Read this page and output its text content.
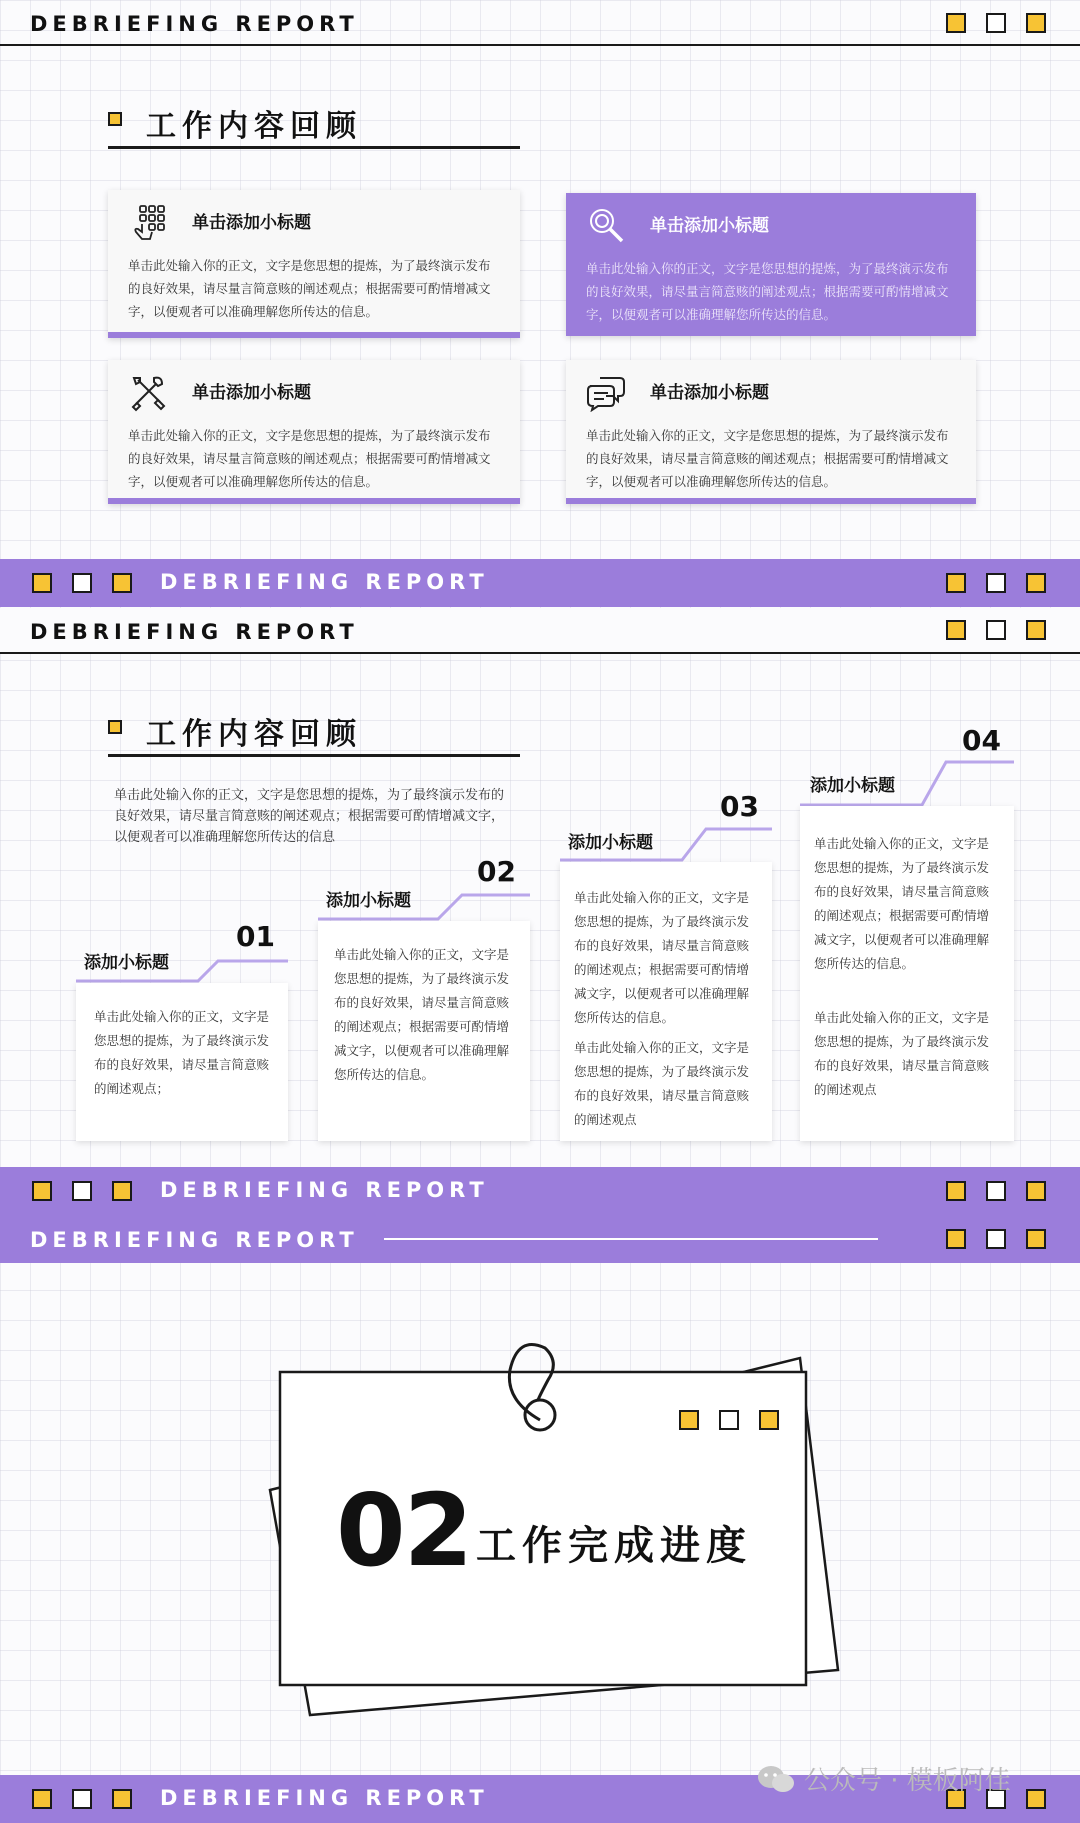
DEBRIEFING REPORT
工作内容回顾
单击添加小标题
单击此处输入你的正文，文字是您思想的提炼，为了最终演示发布的良好效果，请尽量言简意赅的阐述观点；根据需要可酌情增减文字，以便观者可以准确理解您所传达的信息。
单击添加小标题
单击此处输入你的正文，文字是您思想的提炼，为了最终演示发布的良好效果，请尽量言简意赅的阐述观点；根据需要可酌情增减文字，以便观者可以准确理解您所传达的信息。
单击添加小标题
单击此处输入你的正文，文字是您思想的提炼，为了最终演示发布的良好效果，请尽量言简意赅的阐述观点；根据需要可酌情增减文字，以便观者可以准确理解您所传达的信息。
单击添加小标题
单击此处输入你的正文，文字是您思想的提炼，为了最终演示发布的良好效果，请尽量言简意赅的阐述观点；根据需要可酌情增减文字，以便观者可以准确理解您所传达的信息。
DEBRIEFING REPORT
DEBRIEFING REPORT
工作内容回顾
单击此处输入你的正文，文字是您思想的提炼，为了最终演示发布的良好效果，请尽量言简意赅的阐述观点；根据需要可酌情增减文字，以便观者可以准确理解您所传达的信息
单击此处输入你的正文，文字是您思想的提炼，为了最终演示发布的良好效果，请尽量言简意赅的阐述观点；
添加小标题
01
单击此处输入你的正文，文字是您思想的提炼，为了最终演示发布的良好效果，请尽量言简意赅的阐述观点；根据需要可酌情增减文字，以便观者可以准确理解您所传达的信息。
添加小标题
02
单击此处输入你的正文，文字是您思想的提炼，为了最终演示发布的良好效果，请尽量言简意赅的阐述观点；根据需要可酌情增减文字，以便观者可以准确理解您所传达的信息。
单击此处输入你的正文，文字是您思想的提炼，为了最终演示发布的良好效果，请尽量言简意赅的阐述观点
添加小标题
03
单击此处输入你的正文，文字是您思想的提炼，为了最终演示发布的良好效果，请尽量言简意赅的阐述观点；根据需要可酌情增减文字，以便观者可以准确理解您所传达的信息。
单击此处输入你的正文，文字是您思想的提炼，为了最终演示发布的良好效果，请尽量言简意赅的阐述观点
添加小标题
04
DEBRIEFING REPORT
DEBRIEFING REPORT
02 工作完成进度
DEBRIEFING REPORT
公众号 · 模板阿佳
